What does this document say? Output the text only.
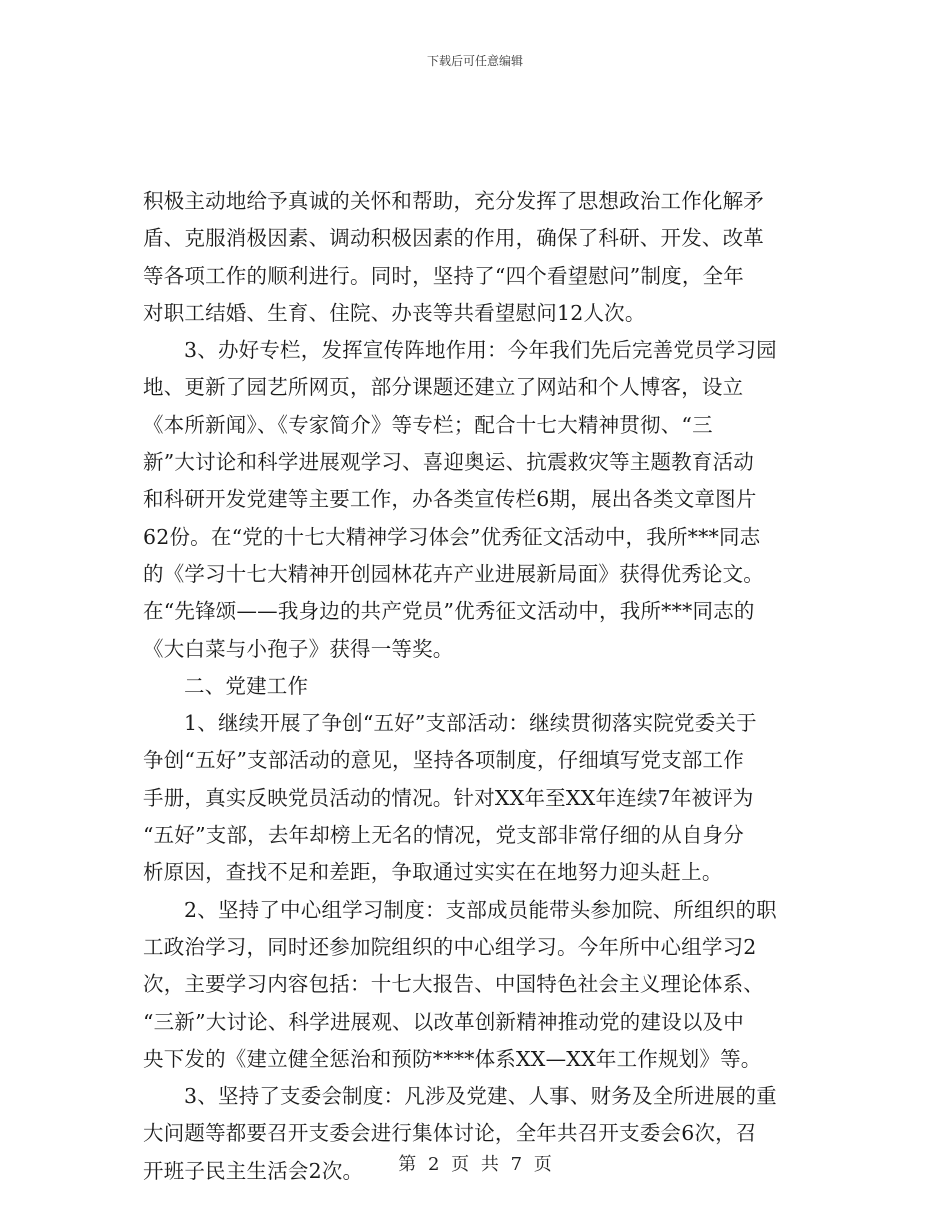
下载后可任意编辑
积极主动地给予真诚的关怀和帮助，充分发挥了思想政治工作化解矛
盾、克服消极因素、调动积极因素的作用，确保了科研、开发、改革
等各项工作的顺利进行。同时，坚持了“四个看望慰问”制度，全年
对职工结婚、生育、住院、办丧等共看望慰问12人次。
3、办好专栏，发挥宣传阵地作用：今年我们先后完善党员学习园
地、更新了园艺所网页，部分课题还建立了网站和个人博客，设立
《本所新闻》、《专家简介》等专栏；配合十七大精神贯彻、“三
新”大讨论和科学进展观学习、喜迎奥运、抗震救灾等主题教育活动
和科研开发党建等主要工作，办各类宣传栏6期，展出各类文章图片
62份。在“党的十七大精神学习体会”优秀征文活动中，我所***同志
的《学习十七大精神开创园林花卉产业进展新局面》获得优秀论文。
在“先锋颂——我身边的共产党员”优秀征文活动中，我所***同志的
《大白菜与小孢子》获得一等奖。
二、党建工作
1、继续开展了争创“五好”支部活动：继续贯彻落实院党委关于
争创“五好”支部活动的意见，坚持各项制度，仔细填写党支部工作
手册，真实反映党员活动的情况。针对XX年至XX年连续7年被评为
“五好”支部，去年却榜上无名的情况，党支部非常仔细的从自身分
析原因，查找不足和差距，争取通过实实在在地努力迎头赶上。
2、坚持了中心组学习制度：支部成员能带头参加院、所组织的职
工政治学习，同时还参加院组织的中心组学习。今年所中心组学习2
次，主要学习内容包括：十七大报告、中国特色社会主义理论体系、
“三新”大讨论、科学进展观、以改革创新精神推动党的建设以及中
央下发的《建立健全惩治和预防****体系XX—XX年工作规划》等。
3、坚持了支委会制度：凡涉及党建、人事、财务及全所进展的重
大问题等都要召开支委会进行集体讨论，全年共召开支委会6次，召
开班子民主生活会2次。	第 2 页 共 7 页
